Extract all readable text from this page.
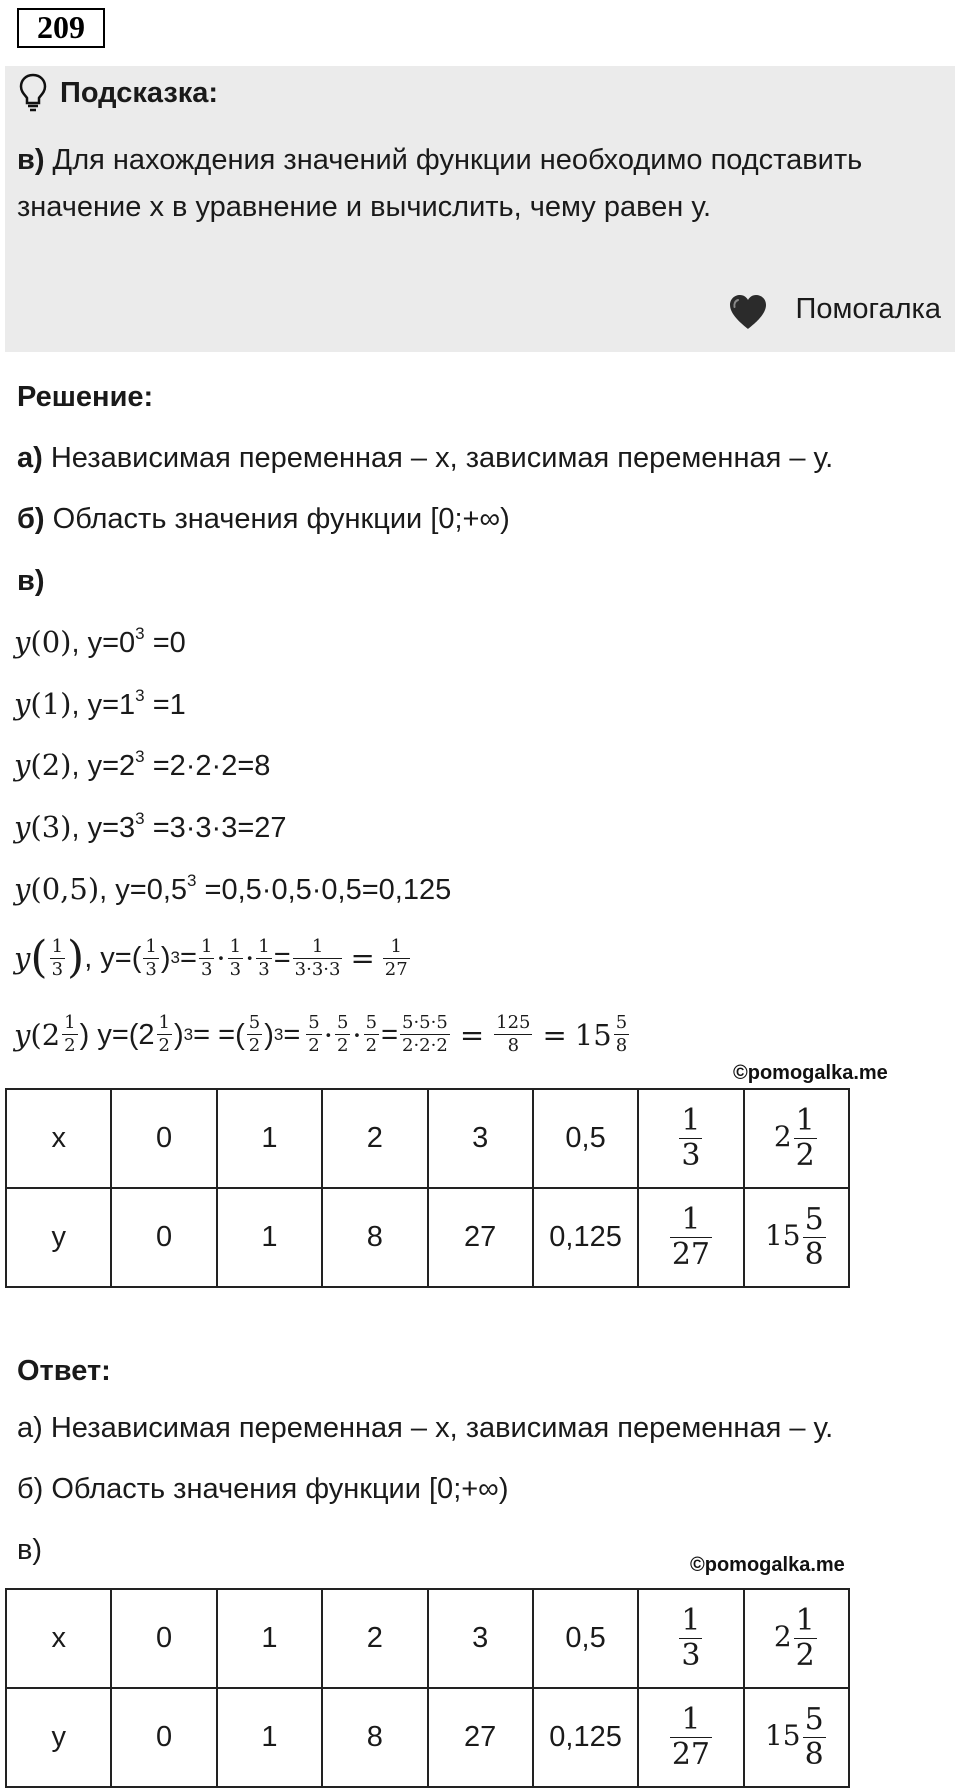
209
Подсказка:
в) Для нахождения значений функции необходимо подставить значение х в уравнение и вычислить, чему равен у.
Помогалка
Решение:
а) Независимая переменная – х, зависимая переменная – у.
б) Область значения функции [0;+∞)
в)
y(0), $y=0^3 =0$
y(1), $y=1^3 =1$
y(2), $y=2^3 =2\cdot 2\cdot 2=8$
y(3), $y=3^3 =3\cdot 3\cdot 3=27$
y(0,5), $y=0,5^3 =0,5\cdot 0,5\cdot 0,5=0,125$
y ( $\frac{1}{3}$ ) , $y=( \frac{1}{3}$ ) $3 = \frac{1}{3} \cdot \frac{1}{3} \cdot \frac{1}{3} = \frac{1}{3\cdot 3\cdot 3} = \frac{1}{27}$
y ($2 \frac{1}{2}$ ) $y=(2 \frac{1}{2}$ ) 3 = =( $\frac{5}{2}$ ) $3 = \frac{5}{2} \cdot \frac{5}{2} \cdot \frac{5}{2} = \frac{5\cdot 5\cdot 5}{2\cdot 2\cdot 2} = \frac{125}{8} = 15 \frac{5}{8}$
©pomogalka.me
х	0	1	2	3	0,5	$\frac{1}{3}$	$2 \frac{1}{2}$

у	0	1	8	27	0,125	$\frac{1}{27}$	$15 \frac{5}{8}$
Ответ:
а) Независимая переменная – х, зависимая переменная – у.
б) Область значения функции [0;+∞)
в)	©pomogalka.me
х	0	1	2	3	0,5	$\frac{1}{3}$	$2 \frac{1}{2}$

у	0	1	8	27	0,125	$\frac{1}{27}$	$15 \frac{5}{8}$
